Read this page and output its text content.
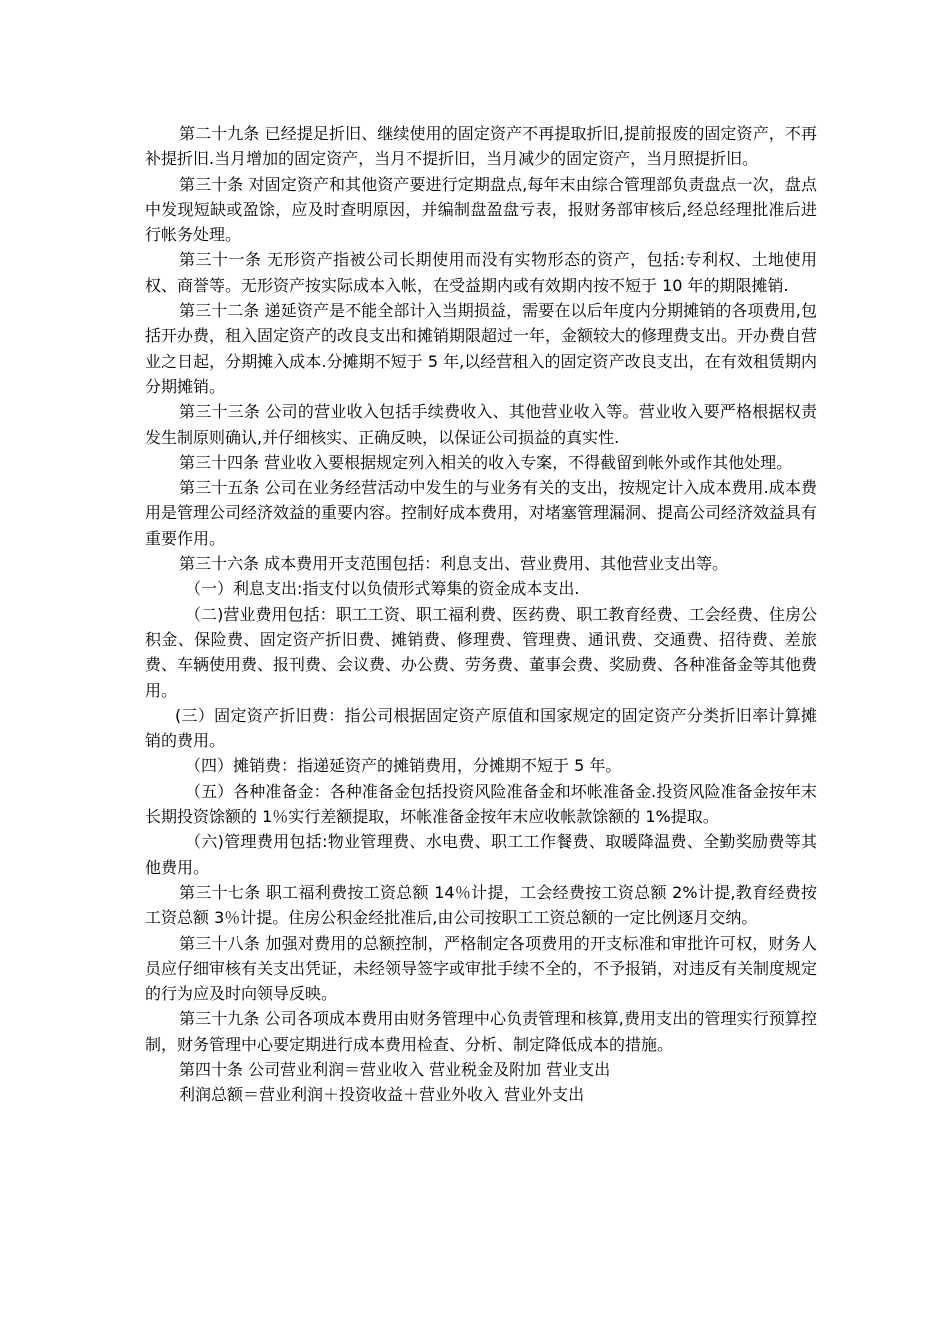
第二十九条 已经提足折旧、继续使用的固定资产不再提取折旧,提前报废的固定资产，不再补提折旧.当月增加的固定资产，当月不提折旧，当月减少的固定资产，当月照提折旧。

第三十条 对固定资产和其他资产要进行定期盘点,每年末由综合管理部负责盘点一次，盘点中发现短缺或盈馀，应及时查明原因，并编制盘盈盘亏表，报财务部审核后,经总经理批准后进行帐务处理。

第三十一条 无形资产指被公司长期使用而没有实物形态的资产，包括:专利权、土地使用权、商誉等。无形资产按实际成本入帐，在受益期内或有效期内按不短于 10 年的期限摊销.

第三十二条 递延资产是不能全部计入当期损益，需要在以后年度内分期摊销的各项费用,包括开办费，租入固定资产的改良支出和摊销期限超过一年，金额较大的修理费支出。开办费自营业之日起，分期摊入成本.分摊期不短于 5 年,以经营租入的固定资产改良支出，在有效租赁期内分期摊销。

第三十三条 公司的营业收入包括手续费收入、其他营业收入等。营业收入要严格根据权责发生制原则确认,并仔细核实、正确反映，以保证公司损益的真实性.

第三十四条 营业收入要根据规定列入相关的收入专案，不得截留到帐外或作其他处理。

第三十五条 公司在业务经营活动中发生的与业务有关的支出，按规定计入成本费用.成本费用是管理公司经济效益的重要内容。控制好成本费用，对堵塞管理漏洞、提高公司经济效益具有重要作用。

第三十六条 成本费用开支范围包括：利息支出、营业费用、其他营业支出等。

（一）利息支出:指支付以负债形式筹集的资金成本支出.

（二)营业费用包括：职工工资、职工福利费、医药费、职工教育经费、工会经费、住房公积金、保险费、固定资产折旧费、摊销费、修理费、管理费、通讯费、交通费、招待费、差旅费、车辆使用费、报刊费、会议费、办公费、劳务费、董事会费、奖励费、各种准备金等其他费用。

(三）固定资产折旧费：指公司根据固定资产原值和国家规定的固定资产分类折旧率计算摊销的费用。

（四）摊销费：指递延资产的摊销费用，分摊期不短于 5 年。

（五）各种准备金：各种准备金包括投资风险准备金和坏帐准备金.投资风险准备金按年末长期投资馀额的 1％实行差额提取，坏帐准备金按年末应收帐款馀额的 1%提取。

（六)管理费用包括:物业管理费、水电费、职工工作餐费、取暖降温费、全勤奖励费等其他费用。

第三十七条 职工福利费按工资总额 14％计提，工会经费按工资总额 2%计提,教育经费按工资总额 3％计提。住房公积金经批准后,由公司按职工工资总额的一定比例逐月交纳。

第三十八条 加强对费用的总额控制，严格制定各项费用的开支标准和审批许可权，财务人员应仔细审核有关支出凭证，未经领导签字或审批手续不全的，不予报销，对违反有关制度规定的行为应及时向领导反映。

第三十九条 公司各项成本费用由财务管理中心负责管理和核算,费用支出的管理实行预算控制，财务管理中心要定期进行成本费用检查、分析、制定降低成本的措施。

第四十条 公司营业利润＝营业收入 营业税金及附加 营业支出

利润总额＝营业利润＋投资收益＋营业外收入 营业外支出
